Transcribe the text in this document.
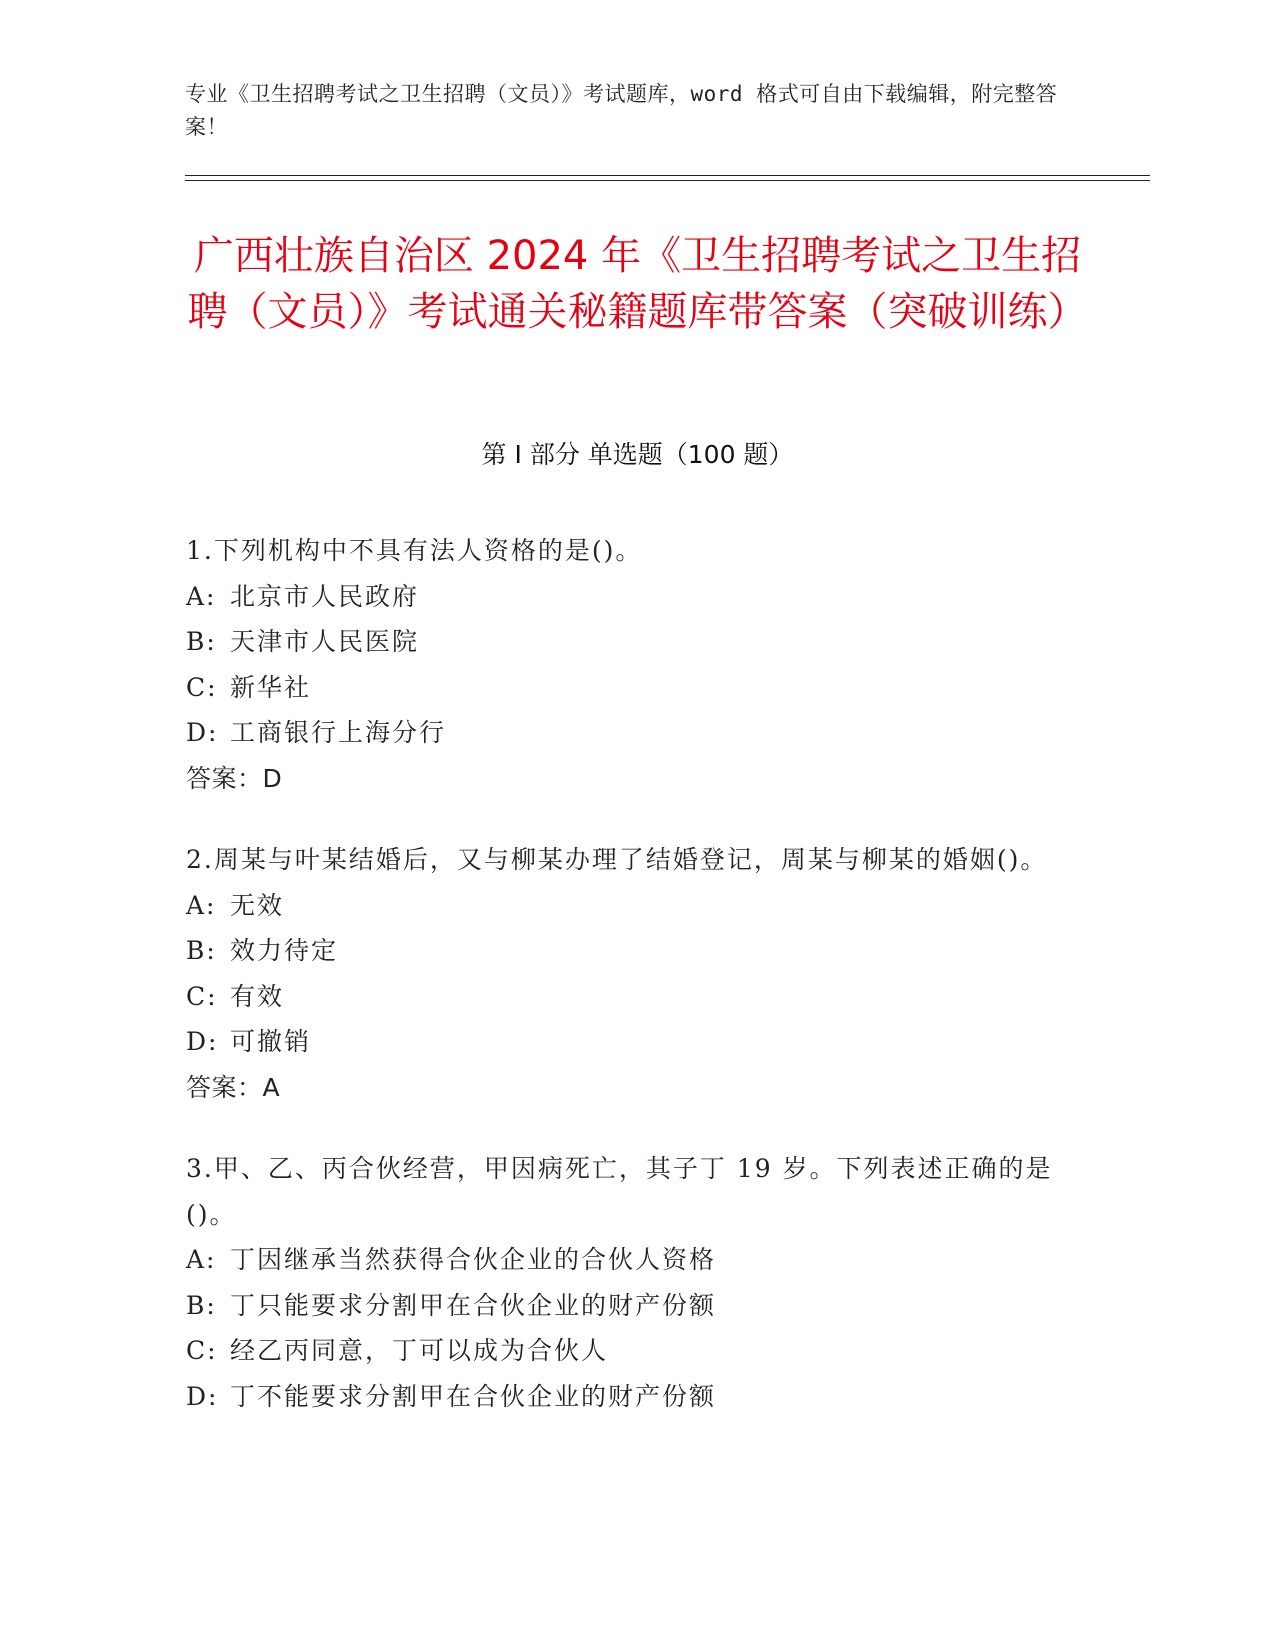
专业《卫生招聘考试之卫生招聘（文员）》考试题库，word 格式可自由下载编辑，附完整答案！
广西壮族自治区 2024 年《卫生招聘考试之卫生招聘（文员）》考试通关秘籍题库带答案（突破训练）
第 I 部分 单选题（100 题）

1.下列机构中不具有法人资格的是()。

A: 北京市人民政府
B: 天津市人民医院
C: 新华社
D: 工商银行上海分行
答案：D

2.周某与叶某结婚后，又与柳某办理了结婚登记，周某与柳某的婚姻()。

A: 无效
B: 效力待定
C: 有效
D: 可撤销
答案：A

3.甲、乙、丙合伙经营，甲因病死亡，其子丁 19 岁。下列表述正确的是()。

A: 丁因继承当然获得合伙企业的合伙人资格
B: 丁只能要求分割甲在合伙企业的财产份额
C: 经乙丙同意，丁可以成为合伙人
D: 丁不能要求分割甲在合伙企业的财产份额
